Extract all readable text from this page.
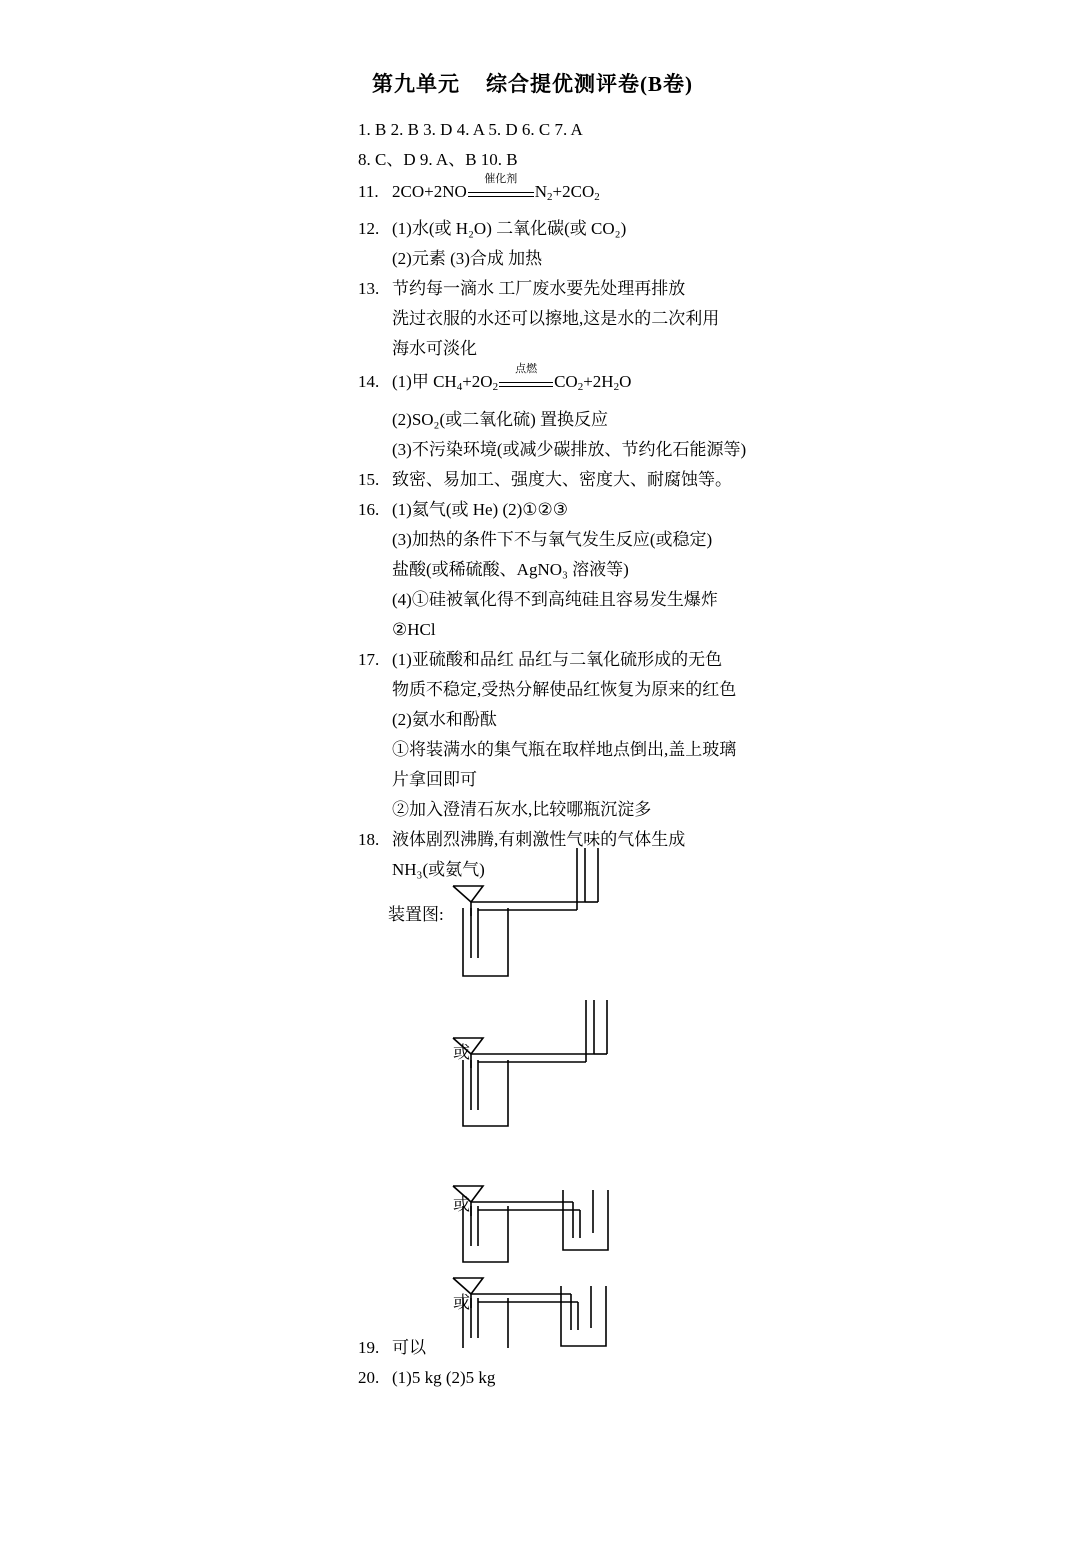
第九单元 综合提优测评卷(B卷)
1. B 2. B 3. D 4. A 5. D 6. C 7. A
8. C、D 9. A、B 10. B
11. 2CO+2NO
催化剂
$N_2+2CO_2$
12. (1)水(或 H₂O) 二氧化碳(或 CO₂)
(2)元素 (3)合成 加热
13. 节约每一滴水 工厂废水要先处理再排放
洗过衣服的水还可以擦地,这是水的二次利用
海水可淡化
14. (1)甲 $CH_4+2O_2$
点燃
$CO_2+2H_2O$
(2)SO₂(或二氧化硫) 置换反应
(3)不污染环境(或减少碳排放、节约化石能源等)
15. 致密、易加工、强度大、密度大、耐腐蚀等。
16. (1)氦气(或 He) (2)①②③
(3)加热的条件下不与氧气发生反应(或稳定)
盐酸(或稀硫酸、AgNO₃ 溶液等)
(4)①硅被氧化得不到高纯硅且容易发生爆炸
②HCl
17. (1)亚硫酸和品红 品红与二氧化硫形成的无色
物质不稳定,受热分解使品红恢复为原来的红色
(2)氨水和酚酞
①将装满水的集气瓶在取样地点倒出,盖上玻璃
片拿回即可
②加入澄清石灰水,比较哪瓶沉淀多
18. 液体剧烈沸腾,有刺激性气味的气体生成
NH₃(或氨气)
装置图:
或
或
或
19. 可以
20. (1)5 kg (2)5 kg
